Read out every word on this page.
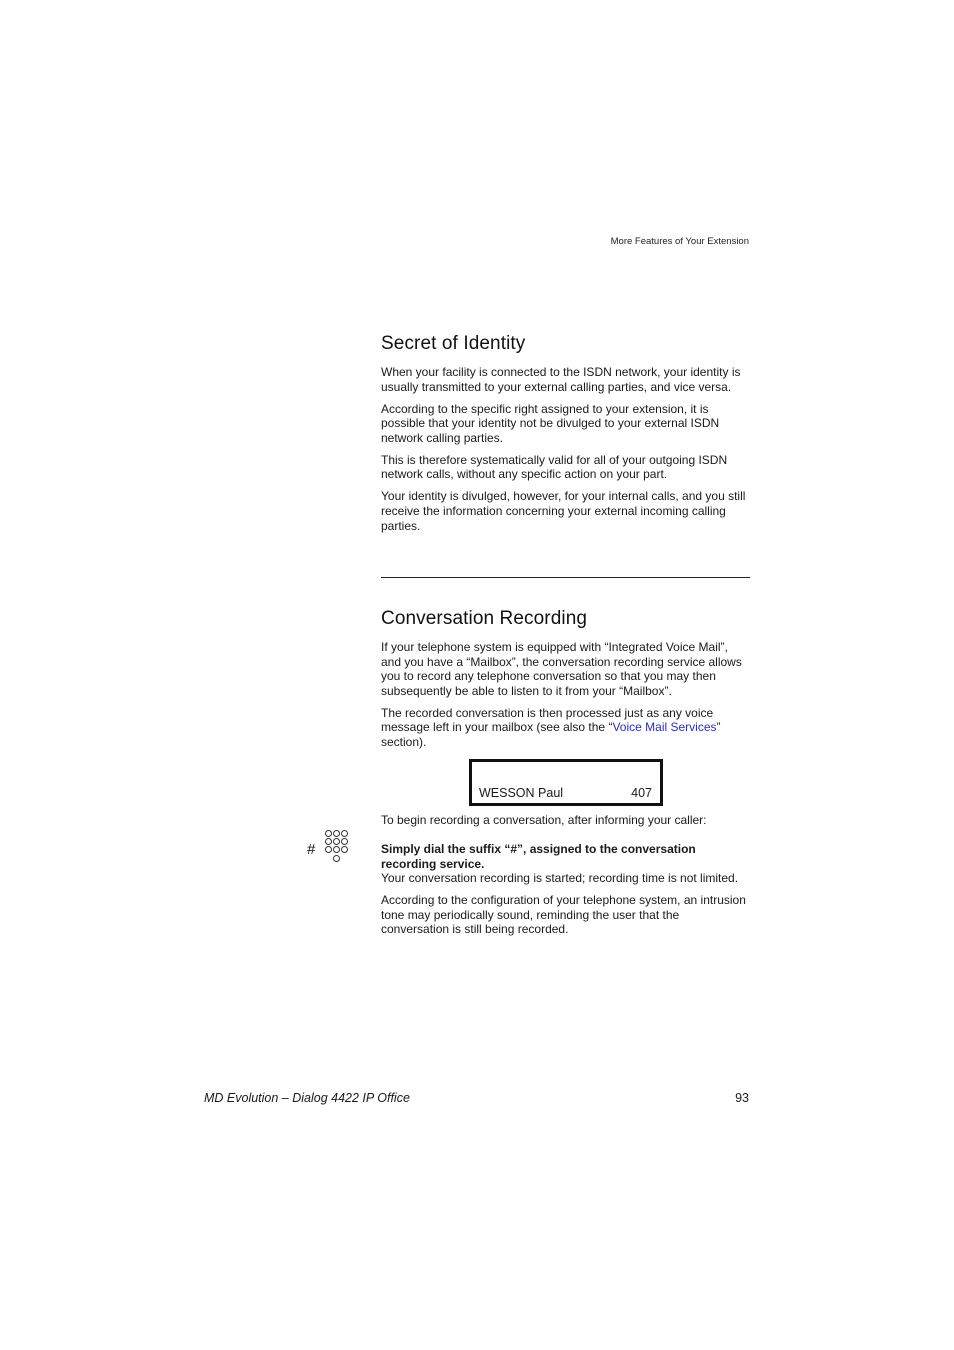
More Features of Your Extension
Secret of Identity

When your facility is connected to the ISDN network, your identity is usually transmitted to your external calling parties, and vice versa.

According to the specific right assigned to your extension, it is possible that your identity not be divulged to your external ISDN network calling parties.

This is therefore systematically valid for all of your outgoing ISDN network calls, without any specific action on your part.

Your identity is divulged, however, for your internal calls, and you still receive the information concerning your external incoming calling parties.

Conversation Recording

If your telephone system is equipped with “Integrated Voice Mail”, and you have a “Mailbox”, the conversation recording service allows you to record any telephone conversation so that you may then subsequently be able to listen to it from your “Mailbox”.

The recorded conversation is then processed just as any voice message left in your mailbox (see also the “Voice Mail Services” section).

WESSON Paul	407

To begin recording a conversation, after informing your caller:

Simply dial the suffix “#”, assigned to the conversation recording service.
Your conversation recording is started; recording time is not limited.

According to the configuration of your telephone system, an intrusion tone may periodically sound, reminding the user that the conversation is still being recorded.

#
MD Evolution – Dialog 4422 IP Office	93
